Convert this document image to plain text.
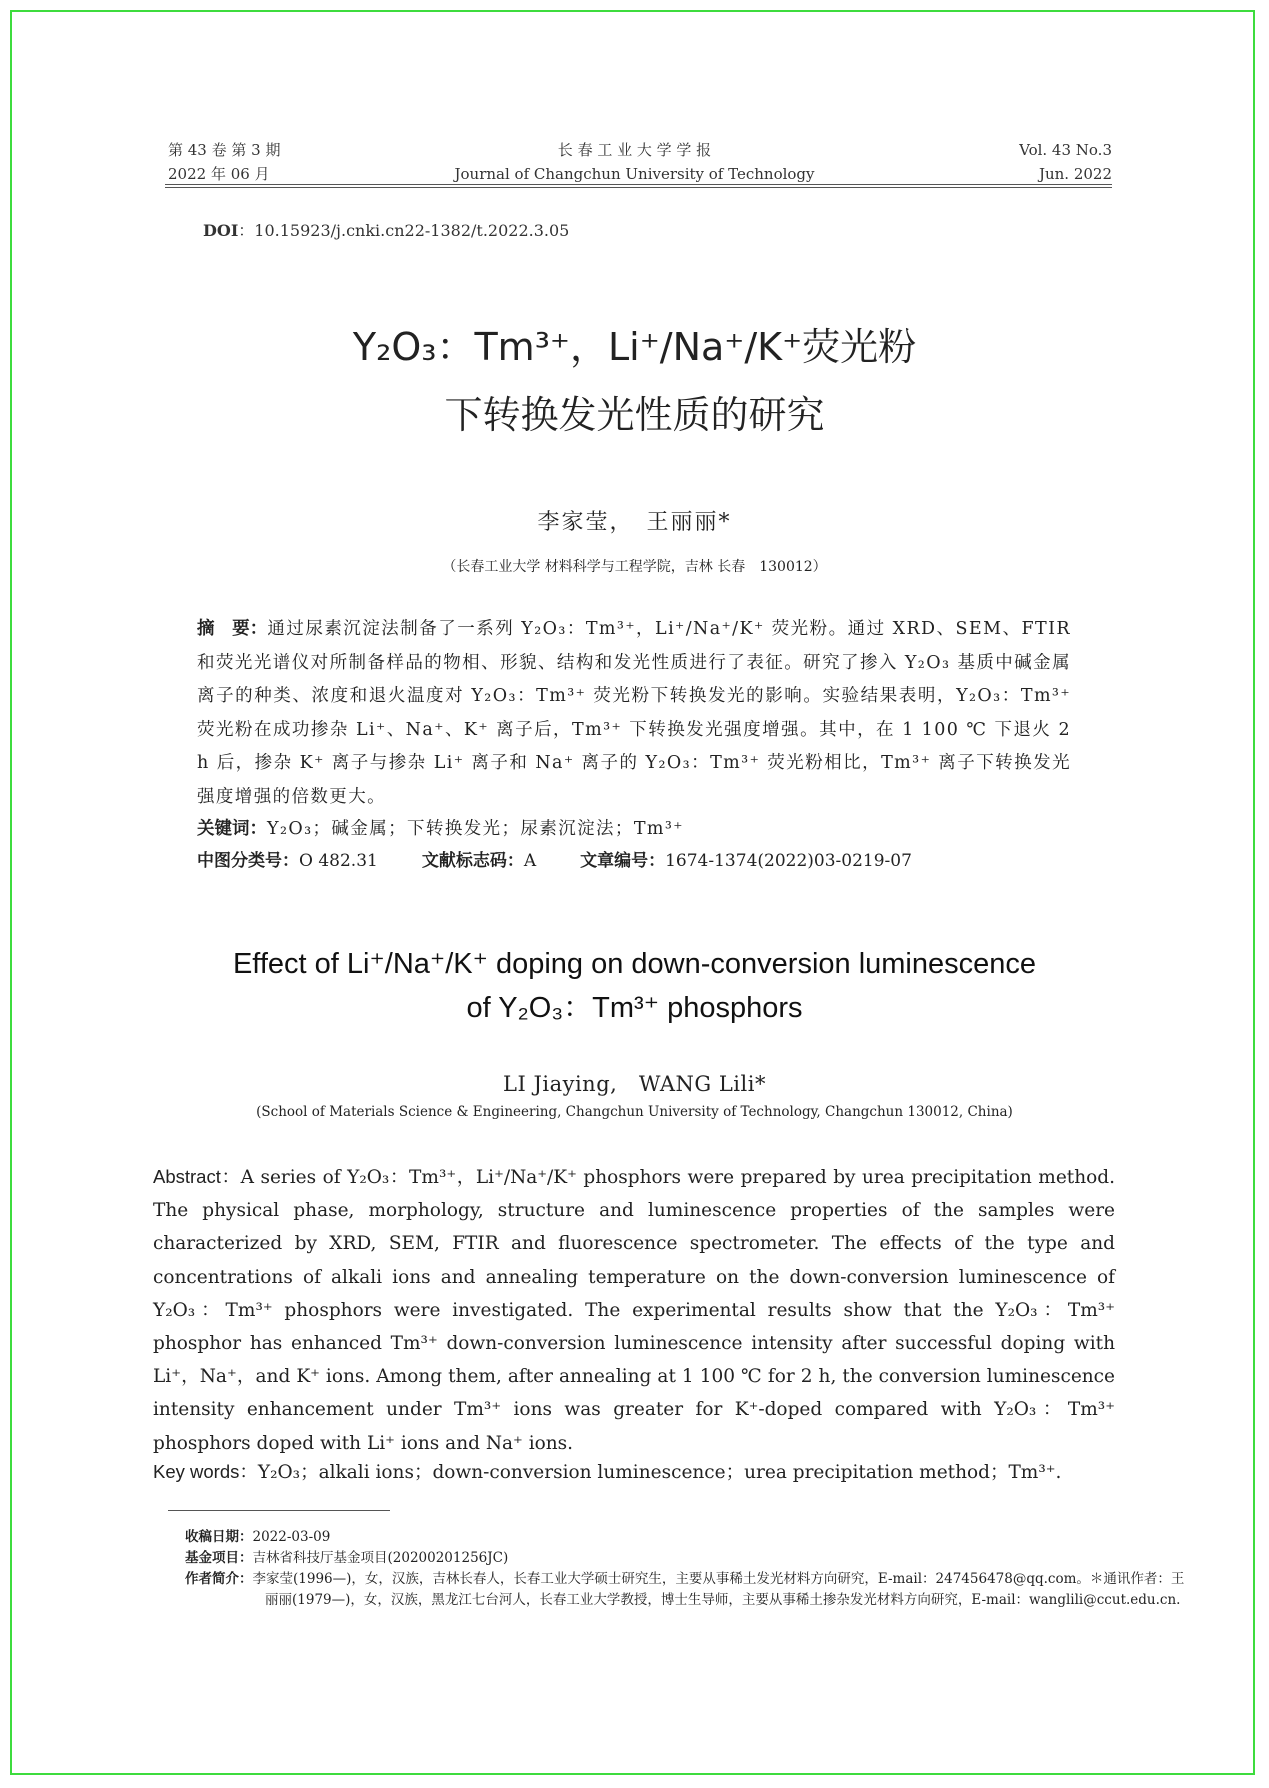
第 43 卷 第 3 期
2022 年 06 月
长 春 工 业 大 学 学 报
Journal of Changchun University of Technology
Vol. 43 No.3
Jun. 2022
DOI：10.15923/j.cnki.cn22-1382/t.2022.3.05
Y₂O₃：Tm³⁺，Li⁺/Na⁺/K⁺荧光粉
下转换发光性质的研究
李家莹，　王丽丽*
（长春工业大学 材料科学与工程学院，吉林 长春　130012）
摘　要：通过尿素沉淀法制备了一系列 Y₂O₃：Tm³⁺，Li⁺/Na⁺/K⁺ 荧光粉。通过 XRD、SEM、FTIR 和荧光光谱仪对所制备样品的物相、形貌、结构和发光性质进行了表征。研究了掺入 Y₂O₃ 基质中碱金属离子的种类、浓度和退火温度对 Y₂O₃：Tm³⁺ 荧光粉下转换发光的影响。实验结果表明，Y₂O₃：Tm³⁺ 荧光粉在成功掺杂 Li⁺、Na⁺、K⁺ 离子后，Tm³⁺ 下转换发光强度增强。其中，在 1 100 ℃ 下退火 2 h 后，掺杂 K⁺ 离子与掺杂 Li⁺ 离子和 Na⁺ 离子的 Y₂O₃：Tm³⁺ 荧光粉相比，Tm³⁺ 离子下转换发光强度增强的倍数更大。
关键词：Y₂O₃；碱金属；下转换发光；尿素沉淀法；Tm³⁺
中图分类号：O 482.31	文献标志码：A	文章编号：1674-1374(2022)03-0219-07
Effect of Li⁺/Na⁺/K⁺ doping on down-conversion luminescence
of Y₂O₃：Tm³⁺ phosphors
LI Jiaying,　WANG Lili*
(School of Materials Science & Engineering, Changchun University of Technology, Changchun 130012, China)
Abstract：A series of Y₂O₃：Tm³⁺，Li⁺/Na⁺/K⁺ phosphors were prepared by urea precipitation method. The physical phase, morphology, structure and luminescence properties of the samples were characterized by XRD, SEM, FTIR and fluorescence spectrometer. The effects of the type and concentrations of alkali ions and annealing temperature on the down-conversion luminescence of Y₂O₃：Tm³⁺ phosphors were investigated. The experimental results show that the Y₂O₃：Tm³⁺ phosphor has enhanced Tm³⁺ down-conversion luminescence intensity after successful doping with Li⁺，Na⁺，and K⁺ ions. Among them, after annealing at 1 100 ℃ for 2 h, the conversion luminescence intensity enhancement under Tm³⁺ ions was greater for K⁺-doped compared with Y₂O₃：Tm³⁺ phosphors doped with Li⁺ ions and Na⁺ ions.
Key words：Y₂O₃；alkali ions；down-conversion luminescence；urea precipitation method；Tm³⁺.
收稿日期：2022-03-09
基金项目：吉林省科技厅基金项目(20200201256JC)
作者简介：李家莹(1996—)，女，汉族，吉林长春人，长春工业大学硕士研究生，主要从事稀土发光材料方向研究，E-mail：247456478@qq.com。＊通讯作者：王丽丽(1979—)，女，汉族，黑龙江七台河人，长春工业大学教授，博士生导师，主要从事稀土掺杂发光材料方向研究，E-mail：wanglili@ccut.edu.cn.
